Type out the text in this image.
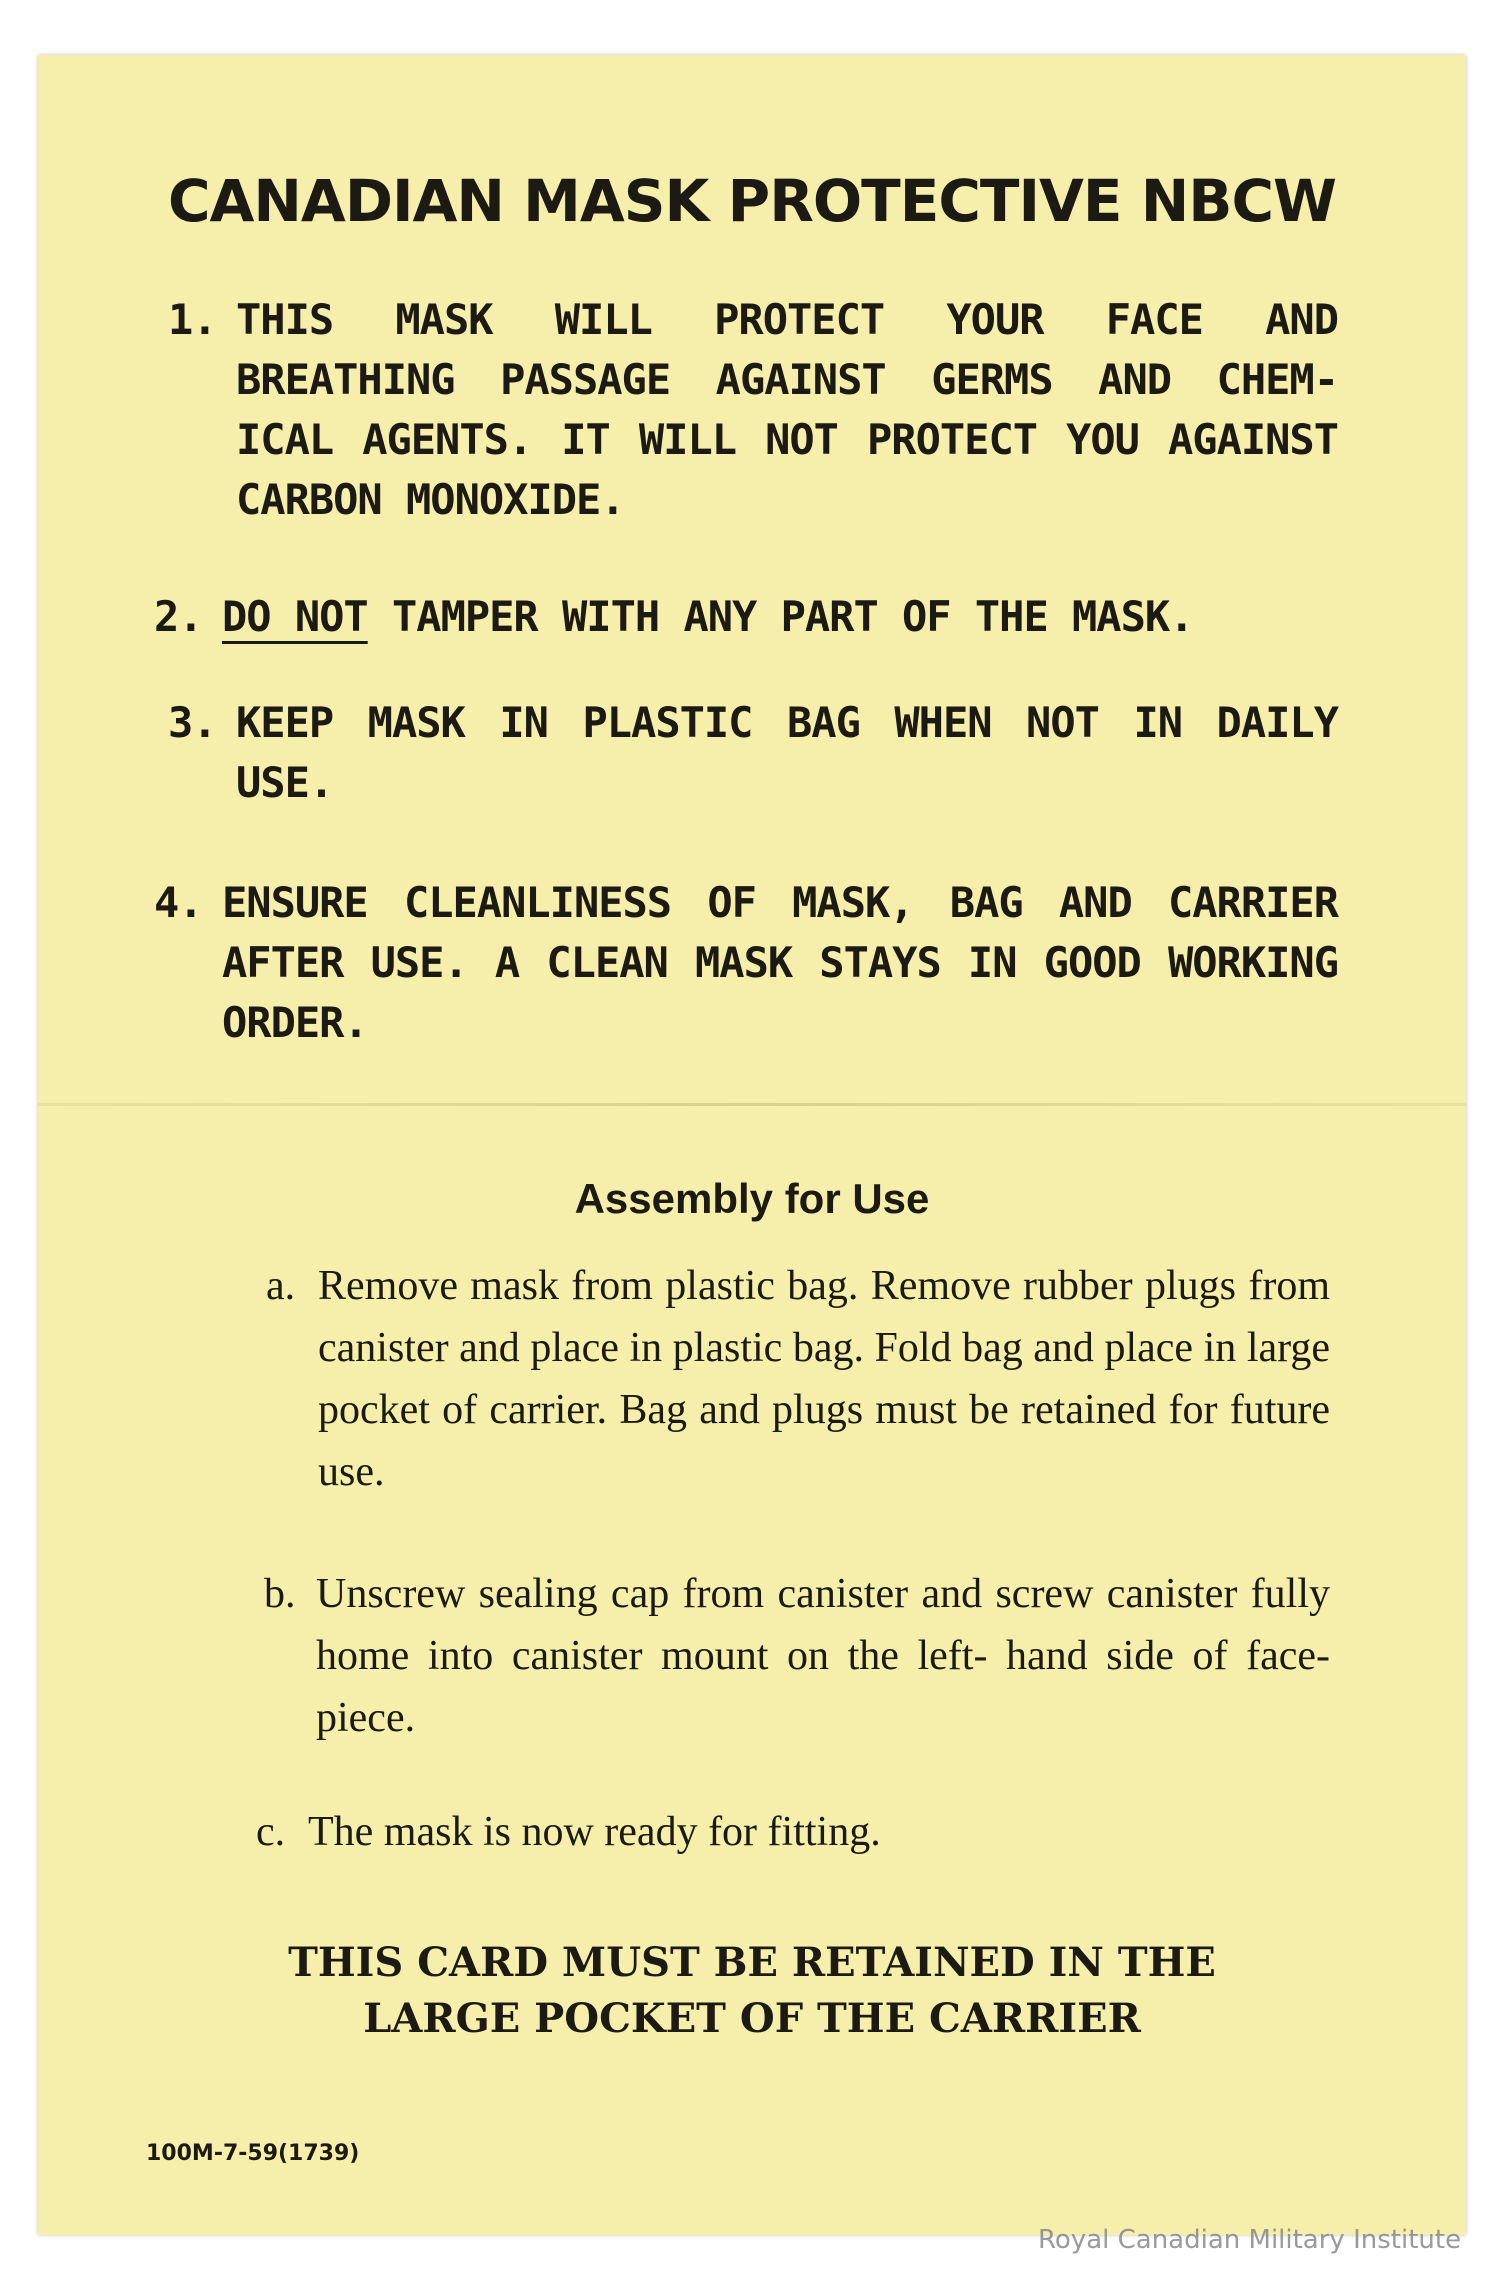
CANADIAN MASK PROTECTIVE NBCW
1. THIS MASK WILL PROTECT YOUR FACE AND BREATHING PASSAGE AGAINST GERMS AND CHEM- ICAL AGENTS. IT WILL NOT PROTECT YOU AGAINST CARBON MONOXIDE.
2. DO NOT TAMPER WITH ANY PART OF THE MASK.
3. KEEP MASK IN PLASTIC BAG WHEN NOT IN DAILY USE.
4. ENSURE CLEANLINESS OF MASK, BAG AND CARRIER AFTER USE. A CLEAN MASK STAYS IN GOOD WORKING ORDER.
Assembly for Use
a. Remove mask from plastic bag. Remove rubber plugs from canister and place in plastic bag. Fold bag and place in large pocket of carrier. Bag and plugs must be retained for future use.
b. Unscrew sealing cap from canister and screw canister fully home into canister mount on the left- hand side of face-piece.
c. The mask is now ready for fitting.
THIS CARD MUST BE RETAINED IN THE
LARGE POCKET OF THE CARRIER
100M-7-59(1739)
Royal Canadian Military Institute
